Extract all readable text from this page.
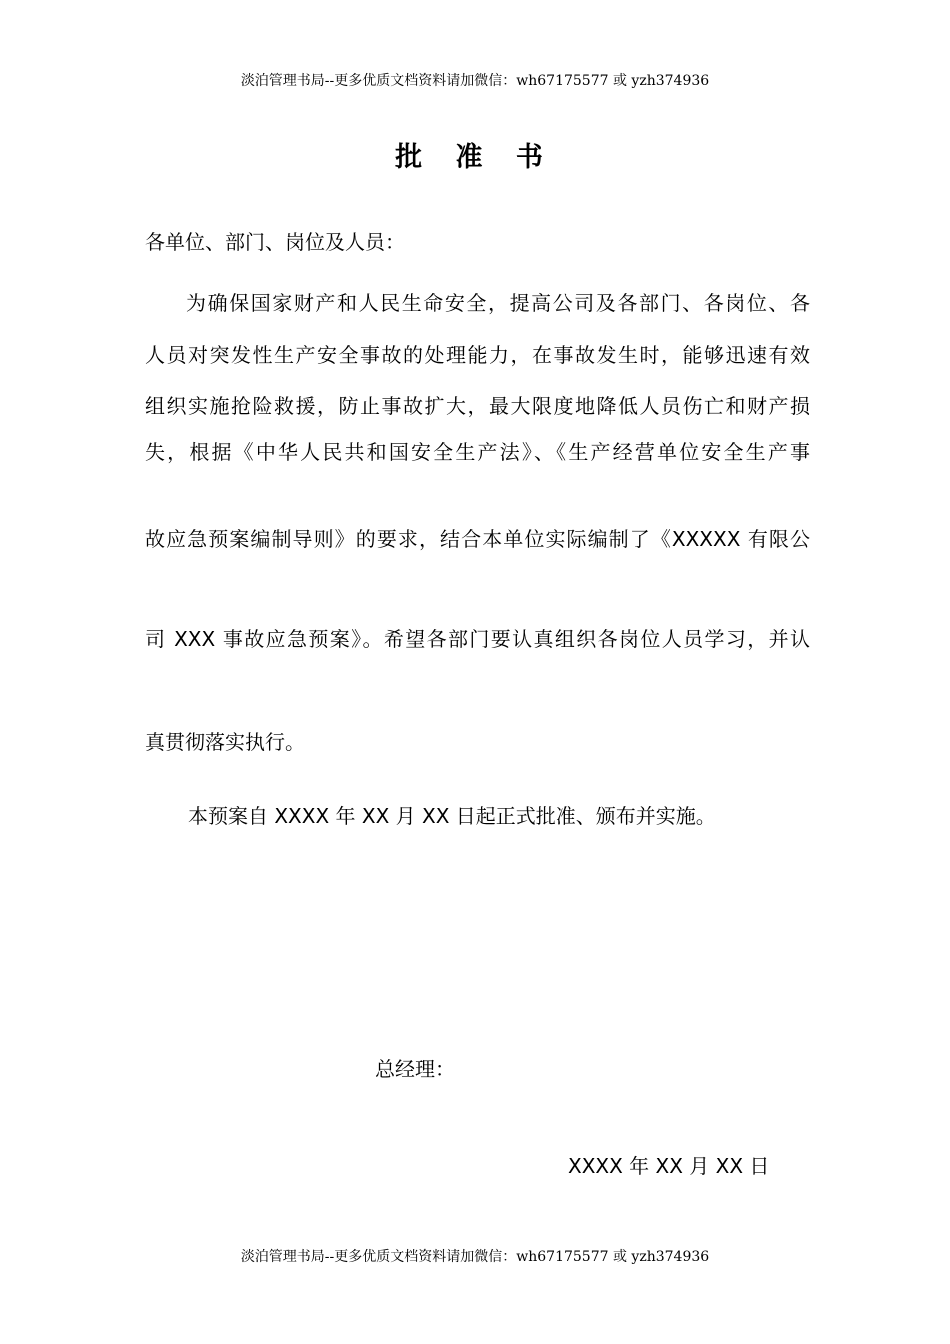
淡泊管理书局--更多优质文档资料请加微信：wh67175577 或 yzh374936
批 准 书
各单位、部门、岗位及人员：
为确保国家财产和人民生命安全，提高公司及各部门、各岗位、各
人员对突发性生产安全事故的处理能力，在事故发生时，能够迅速有效
组织实施抢险救援，防止事故扩大，最大限度地降低人员伤亡和财产损
失，根据《中华人民共和国安全生产法》、《生产经营单位安全生产事
故应急预案编制导则》的要求，结合本单位实际编制了《XXXXX 有限公
司 XXX 事故应急预案》。希望各部门要认真组织各岗位人员学习，并认
真贯彻落实执行。
本预案自 XXXX 年 XX 月 XX 日起正式批准、颁布并实施。
总经理：
XXXX 年 XX 月 XX 日
淡泊管理书局--更多优质文档资料请加微信：wh67175577 或 yzh374936
